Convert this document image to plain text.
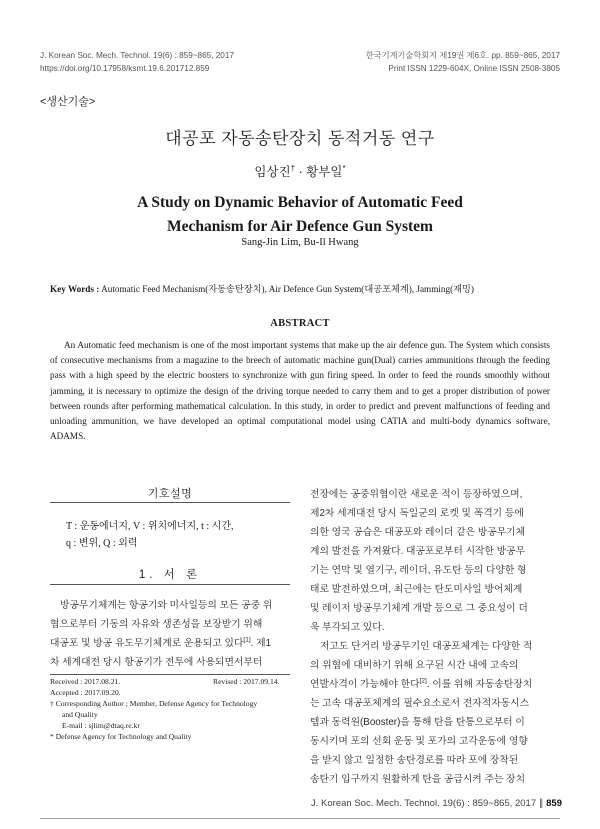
J. Korean Soc. Mech. Technol. 19(6) : 859~865, 2017
https://doi.org/10.17958/ksmt.19.6.201712.859
한국기계기술학회지 제19권 제6호. pp. 859~865, 2017
Print ISSN 1229-604X, Online ISSN 2508-3805
<생산기술>
대공포 자동송탄장치 동적거동 연구
임상진† · 황부일*
A Study on Dynamic Behavior of Automatic Feed
Mechanism for Air Defence Gun System
Sang-Jin Lim, Bu-Il Hwang
Key Words : Automatic Feed Mechanism(자동송탄장치), Air Defence Gun System(대공포체계), Jamming(재밍)
ABSTRACT
An Automatic feed mechanism is one of the most important systems that make up the air defence gun. The System which consists of consecutive mechanisms from a magazine to the breech of automatic machine gun(Dual) carries ammunitions through the feeding pass with a high speed by the electric boosters to synchronize with gun firing speed. In order to feed the rounds smoothly without jamming, it is necessary to optimize the design of the driving torque needed to carry them and to get a proper distribution of power between rounds after performing mathematical calculation. In this study, in order to predict and prevent malfunctions of feeding and unloading ammunition, we have developed an optimal computational model using CATIA and multi-body dynamics software, ADAMS.
기호설명
T : 운동에너지, V : 위치에너지, t : 시간,
q : 변위, Q : 외력
1. 서 론
방공무기체계는 항공기와 미사일등의 모든 공중 위
협으로부터 기동의 자유와 생존성을 보장받기 위해
대공포 및 방공 유도무기체계로 운용되고 있다[1]. 제1
차 세계대전 당시 항공기가 전투에 사용되면서부터
Received : 2017.08.21.	Revised : 2017.09.14.
Accepted : 2017.09.20.
† Corresponding Author ; Member, Defense Agency for Technology
and Quality
E-mail : sjlim@dtaq.re.kr
* Defense Agency for Technology and Quality
전장에는 공중위협이란 새로운 적이 등장하였으며,
제2차 세계대전 당시 독일군의 로켓 및 폭격기 등에
의한 영국 공습은 대공포와 레이더 같은 방공무기체
계의 발전을 가져왔다. 대공포로부터 시작한 방공무
기는 연막 및 열기구, 레이더, 유도탄 등의 다양한 형
태로 발전하였으며, 최근에는 탄도미사일 방어체계
및 레이저 방공무기체계 개발 등으로 그 중요성이 더
욱 부각되고 있다.
저고도 단거리 방공무기인 대공포체계는 다양한 적
의 위협에 대비하기 위해 요구된 시간 내에 고속의
연발사격이 가능해야 한다[2]. 이를 위해 자동송탄장치
는 고속 대공포체계의 필수요소로서 전자적자동시스
템과 동력원(Booster)을 통해 탄을 탄통으로부터 이
동시키며 포의 선회 운동 및 포가의 고각운동에 영향
을 받지 않고 일정한 송탄경로를 따라 포에 장착된
송탄기 입구까지 원활하게 탄을 공급시켜 주는 장치
J. Korean Soc. Mech. Technol. 19(6) : 859~865, 2017 ∥ 859
